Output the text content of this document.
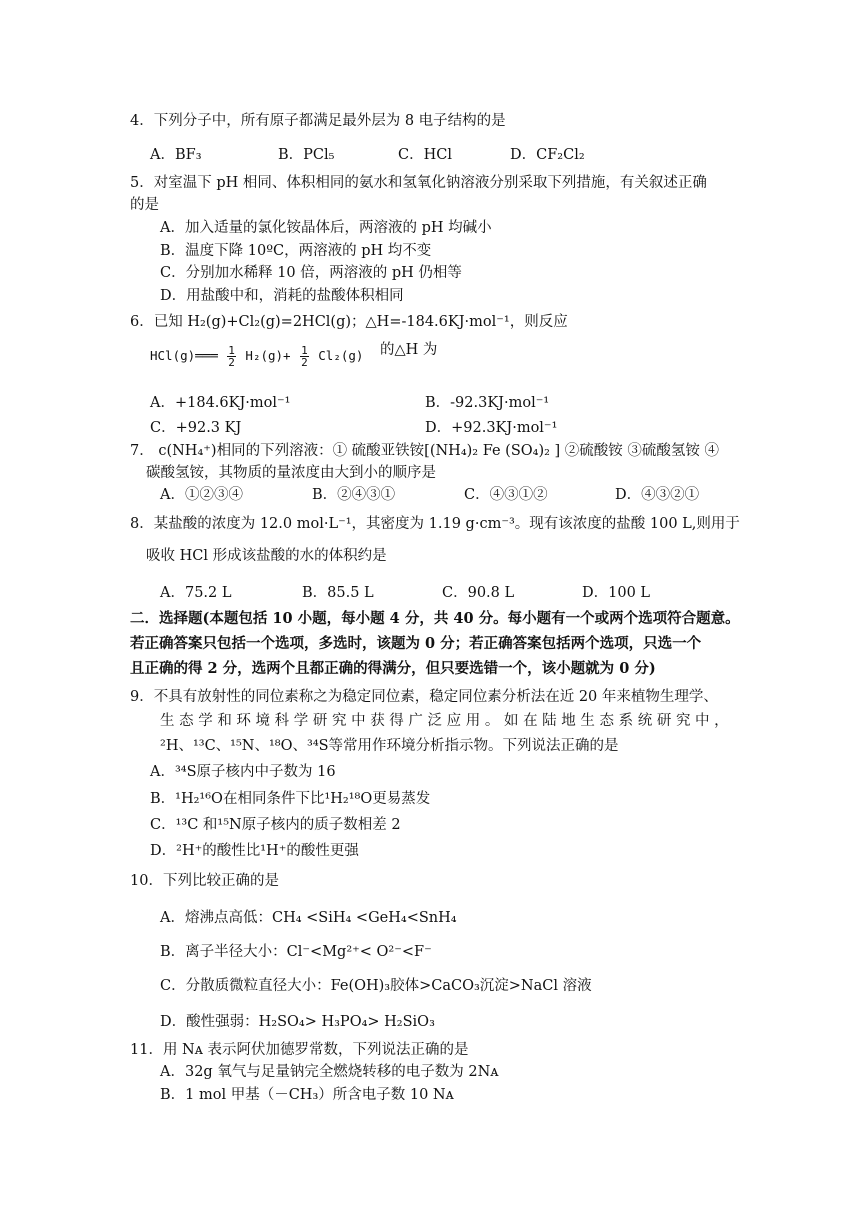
4．下列分子中，所有原子都满足最外层为 8 电子结构的是
A．BF₃	B．PCl₅	C．HCl	D．CF₂Cl₂
5．对室温下 pH 相同、体积相同的氨水和氢氧化钠溶液分别采取下列措施，有关叙述正确
的是
A．加入适量的氯化铵晶体后，两溶液的 pH 均碱小
B．温度下降 10ºC，两溶液的 pH 均不变
C．分别加水稀释 10 倍，两溶液的 pH 仍相等
D．用盐酸中和，消耗的盐酸体积相同
6．已知 H₂(g)+Cl₂(g)=2HCl(g)；△H=-184.6KJ·mol⁻¹，则反应
HCl(g)═══ $\frac{1}{2} H_2(g)+ \frac{1}{2} Cl_2(g)$ 的△H 为
A．+184.6KJ·mol⁻¹	B．-92.3KJ·mol⁻¹
C．+92.3 KJ	D．+92.3KJ·mol⁻¹
7． c(NH₄⁺)相同的下列溶液：① 硫酸亚铁铵[(NH₄)₂ Fe (SO₄)₂ ] ②硫酸铵 ③硫酸氢铵 ④
碳酸氢铵，其物质的量浓度由大到小的顺序是
A．①②③④	B．②④③①	C．④③①②	D．④③②①
8．某盐酸的浓度为 12.0 mol·L⁻¹，其密度为 1.19 g·cm⁻³。现有该浓度的盐酸 100 L,则用于
吸收 HCl 形成该盐酸的水的体积约是
A．75.2 L	B．85.5 L	C．90.8 L	D．100 L
二．选择题(本题包括 10 小题，每小题 4 分，共 40 分。每小题有一个或两个选项符合题意。
若正确答案只包括一个选项，多选时，该题为 0 分；若正确答案包括两个选项，只选一个
且正确的得 2 分，选两个且都正确的得满分，但只要选错一个，该小题就为 0 分)
9．不具有放射性的同位素称之为稳定同位素，稳定同位素分析法在近 20 年来植物生理学、
生 态 学 和 环 境 科 学 研 究 中 获 得 广 泛 应 用 。 如 在 陆 地 生 态 系 统 研 究 中 ，
²H、¹³C、¹⁵N、¹⁸O、³⁴S等常用作环境分析指示物。下列说法正确的是
A．³⁴S原子核内中子数为 16
B．¹H₂¹⁶O在相同条件下比¹H₂¹⁸O更易蒸发
C．¹³C 和¹⁵N原子核内的质子数相差 2
D．²H⁺的酸性比¹H⁺的酸性更强
10．下列比较正确的是
A．熔沸点高低：CH₄ <SiH₄ <GeH₄<SnH₄
B．离子半径大小：Cl⁻<Mg²⁺< O²⁻<F⁻
C．分散质微粒直径大小：Fe(OH)₃胶体>CaCO₃沉淀>NaCl 溶液
D．酸性强弱：H₂SO₄> H₃PO₄> H₂SiO₃
11．用 Nᴀ 表示阿伏加德罗常数，下列说法正确的是
A．32g 氧气与足量钠完全燃烧转移的电子数为 2Nᴀ
B．1 mol 甲基（－CH₃）所含电子数 10 Nᴀ
